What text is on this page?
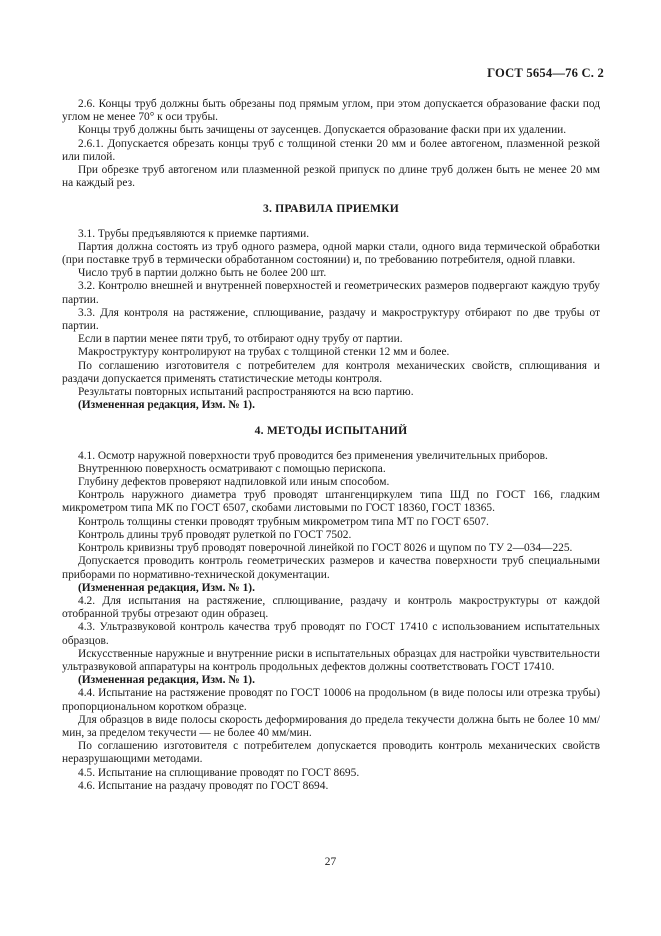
ГОСТ 5654—76 С. 2

2.6. Концы труб должны быть обрезаны под прямым углом, при этом допускается образование фаски под углом не менее 70° к оси трубы.

Концы труб должны быть зачищены от заусенцев. Допускается образование фаски при их удалении.

2.6.1. Допускается обрезать концы труб с толщиной стенки 20 мм и более автогеном, плазменной резкой или пилой.

При обрезке труб автогеном или плазменной резкой припуск по длине труб должен быть не менее 20 мм на каждый рез.

3. ПРАВИЛА ПРИЕМКИ

3.1. Трубы предъявляются к приемке партиями.

Партия должна состоять из труб одного размера, одной марки стали, одного вида термической обработки (при поставке труб в термически обработанном состоянии) и, по требованию потребителя, одной плавки.

Число труб в партии должно быть не более 200 шт.

3.2. Контролю внешней и внутренней поверхностей и геометрических размеров подвергают каждую трубу партии.

3.3. Для контроля на растяжение, сплющивание, раздачу и макроструктуру отбирают по две трубы от партии.

Если в партии менее пяти труб, то отбирают одну трубу от партии.

Макроструктуру контролируют на трубах с толщиной стенки 12 мм и более.

По соглашению изготовителя с потребителем для контроля механических свойств, сплющивания и раздачи допускается применять статистические методы контроля.

Результаты повторных испытаний распространяются на всю партию.

(Измененная редакция, Изм. № 1).

4. МЕТОДЫ ИСПЫТАНИЙ

4.1. Осмотр наружной поверхности труб проводится без применения увеличительных приборов.

Внутреннюю поверхность осматривают с помощью перископа.

Глубину дефектов проверяют надпиловкой или иным способом.

Контроль наружного диаметра труб проводят штангенциркулем типа ШД по ГОСТ 166, гладким микрометром типа МК по ГОСТ 6507, скобами листовыми по ГОСТ 18360, ГОСТ 18365.

Контроль толщины стенки проводят трубным микрометром типа МТ по ГОСТ 6507.

Контроль длины труб проводят рулеткой по ГОСТ 7502.

Контроль кривизны труб проводят поверочной линейкой по ГОСТ 8026 и щупом по ТУ 2—034—225.

Допускается проводить контроль геометрических размеров и качества поверхности труб специальными приборами по нормативно-технической документации.

(Измененная редакция, Изм. № 1).

4.2. Для испытания на растяжение, сплющивание, раздачу и контроль макроструктуры от каждой отобранной трубы отрезают один образец.

4.3. Ультразвуковой контроль качества труб проводят по ГОСТ 17410 с использованием испытательных образцов.

Искусственные наружные и внутренние риски в испытательных образцах для настройки чувствительности ультразвуковой аппаратуры на контроль продольных дефектов должны соответствовать ГОСТ 17410.

(Измененная редакция, Изм. № 1).

4.4. Испытание на растяжение проводят по ГОСТ 10006 на продольном (в виде полосы или отрезка трубы) пропорциональном коротком образце.

Для образцов в виде полосы скорость деформирования до предела текучести должна быть не более 10 мм/мин, за пределом текучести — не более 40 мм/мин.

По соглашению изготовителя с потребителем допускается проводить контроль механических свойств неразрушающими методами.

4.5. Испытание на сплющивание проводят по ГОСТ 8695.

4.6. Испытание на раздачу проводят по ГОСТ 8694.

27
